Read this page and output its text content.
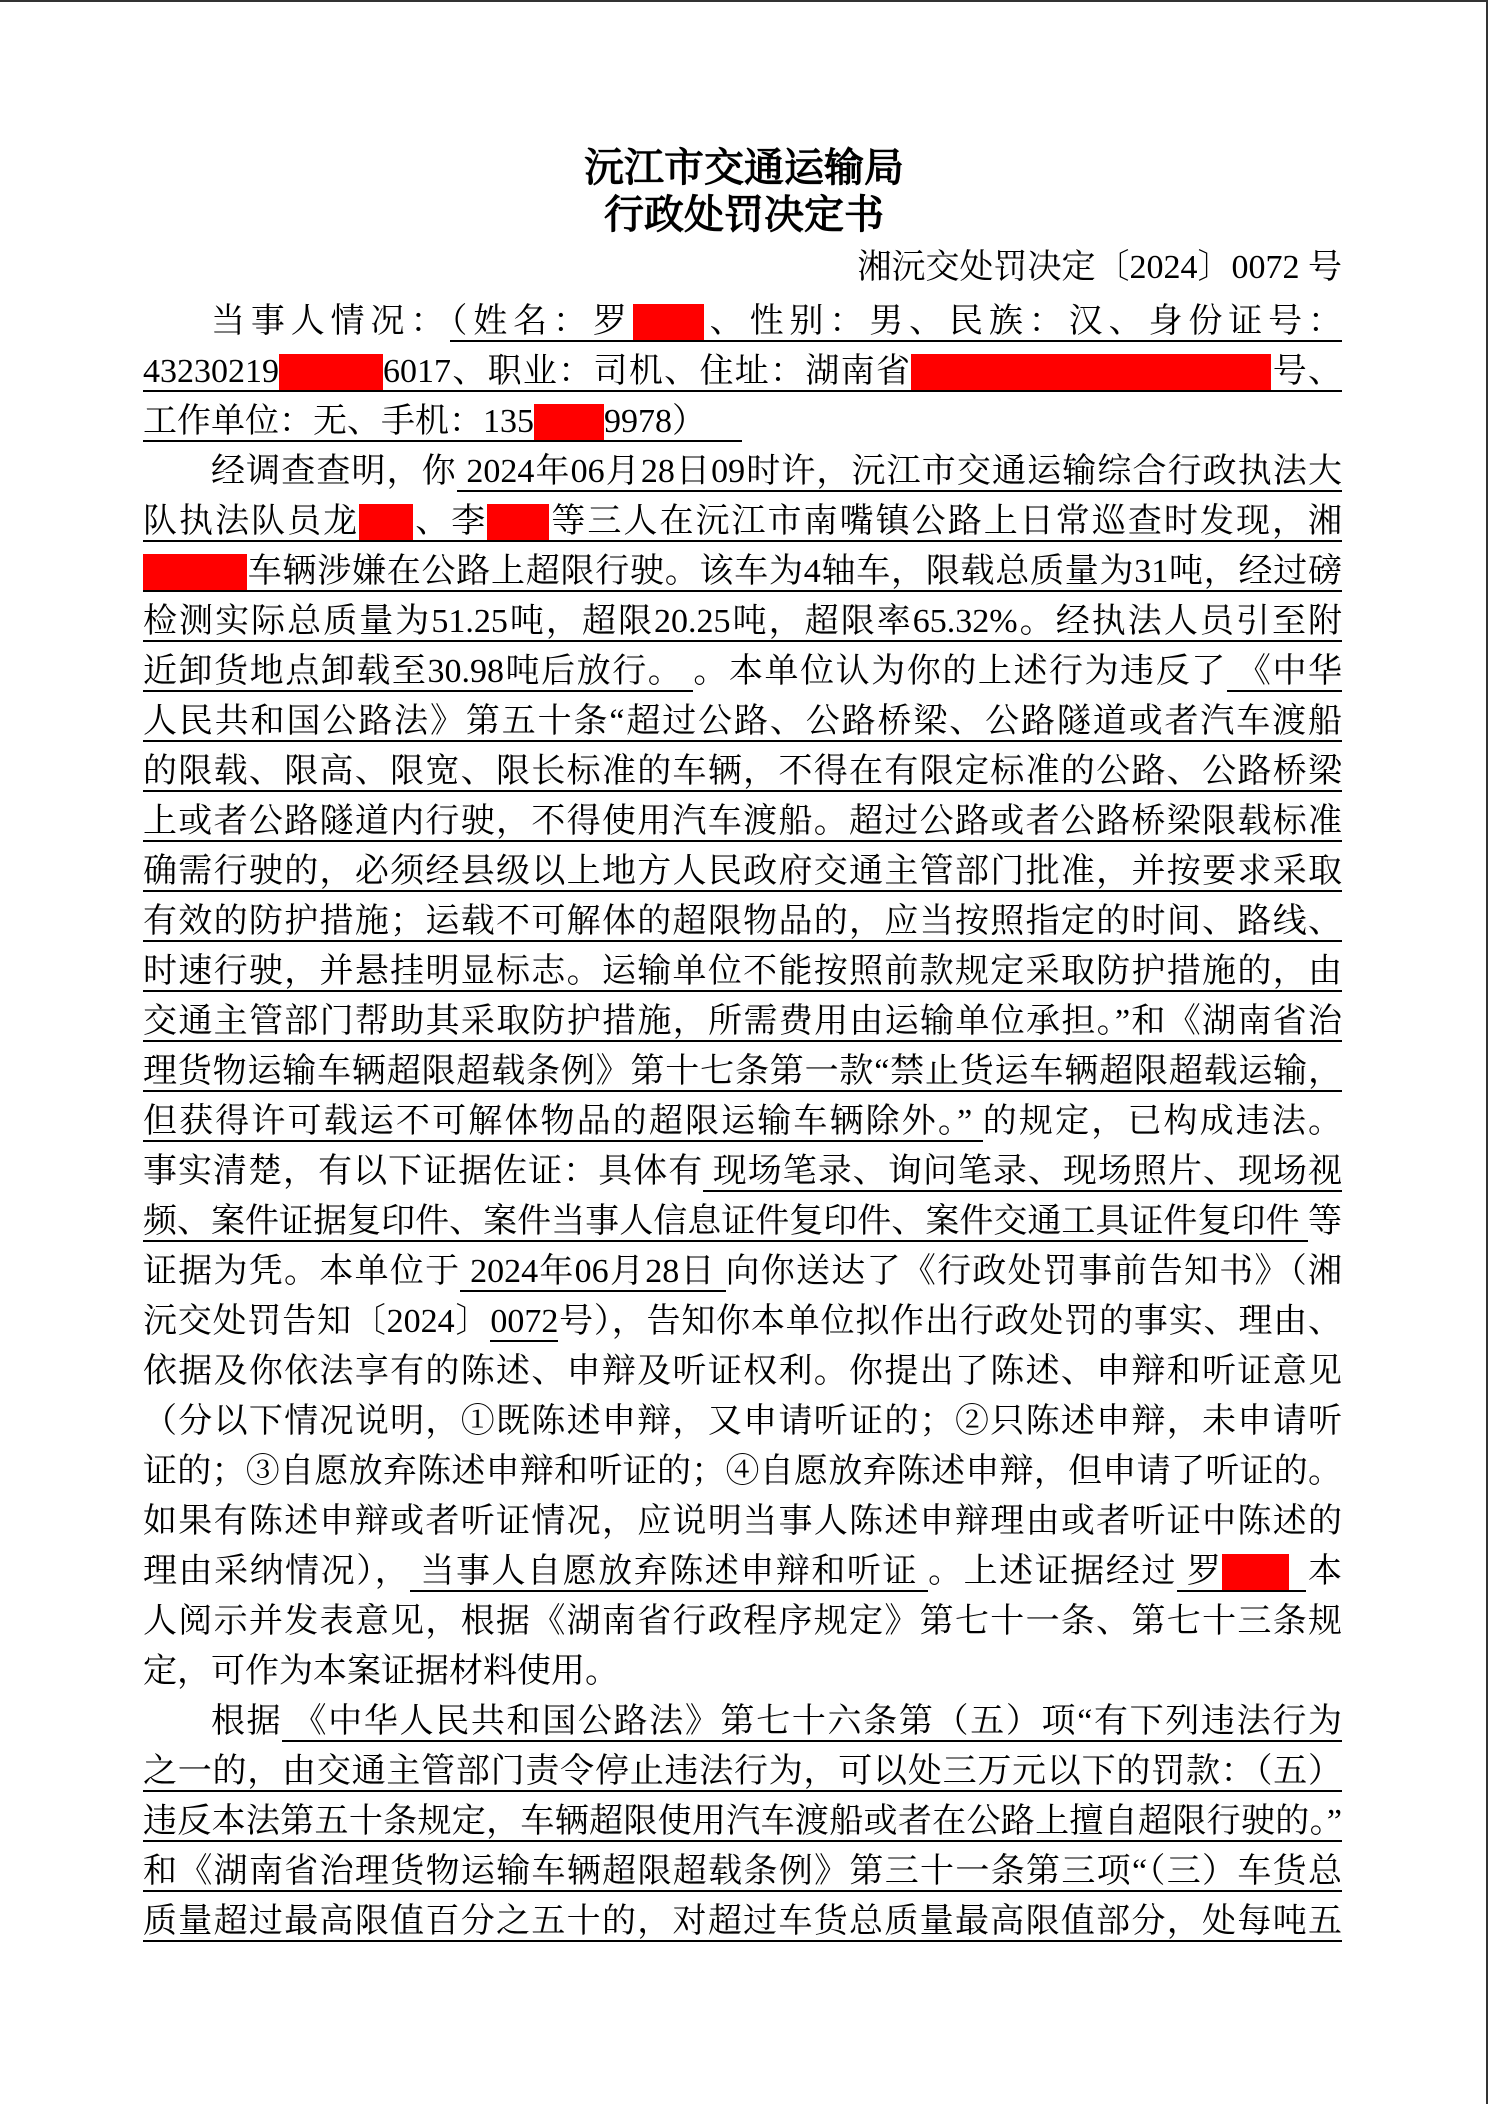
沅江市交通运输局
行政处罚决定书
湘沅交处罚决定〔2024〕0072 号
当事人情况：（姓名：罗 、性别：男、民族：汉、身份证号：
43230219	6017、职业：司机、住址：湖南省	号、
工作单位：无、手机：135 9978）
经调查查明，你 2024年06月28日09时许，沅江市交通运输综合行政执法大
队执法队员龙 、李 等三人在沅江市南嘴镇公路上日常巡查时发现，湘
车辆涉嫌在公路上超限行驶。该车为4轴车，限载总质量为31吨，经过磅
检测实际总质量为51.25吨，超限20.25吨，超限率65.32%。经执法人员引至附
近卸货地点卸载至30.98吨后放行。 。本单位认为你的上述行为违反了 《中华
人民共和国公路法》第五十条“超过公路、公路桥梁、公路隧道或者汽车渡船
的限载、限高、限宽、限长标准的车辆，不得在有限定标准的公路、公路桥梁
上或者公路隧道内行驶，不得使用汽车渡船。超过公路或者公路桥梁限载标准
确需行驶的，必须经县级以上地方人民政府交通主管部门批准，并按要求采取
有效的防护措施；运载不可解体的超限物品的，应当按照指定的时间、路线、
时速行驶，并悬挂明显标志。运输单位不能按照前款规定采取防护措施的，由
交通主管部门帮助其采取防护措施，所需费用由运输单位承担。”和《湖南省治
理货物运输车辆超限超载条例》第十七条第一款“禁止货运车辆超限超载运输，
但获得许可载运不可解体物品的超限运输车辆除外。” 的规定，已构成违法。
事实清楚，有以下证据佐证：具体有 现场笔录、询问笔录、现场照片、现场视
频、案件证据复印件、案件当事人信息证件复印件、案件交通工具证件复印件 等
证据为凭。本单位于 2024年06月28日 向你送达了《行政处罚事前告知书》（湘
沅交处罚告知〔2024〕0072号），告知你本单位拟作出行政处罚的事实、理由、
依据及你依法享有的陈述、申辩及听证权利。你提出了陈述、申辩和听证意见
（分以下情况说明，①既陈述申辩，又申请听证的；②只陈述申辩，未申请听
证的；③自愿放弃陈述申辩和听证的；④自愿放弃陈述申辩，但申请了听证的。
如果有陈述申辩或者听证情况，应说明当事人陈述申辩理由或者听证中陈述的
理由采纳情况）， 当事人自愿放弃陈述申辩和听证 。上述证据经过 罗 本
人阅示并发表意见，根据《湖南省行政程序规定》第七十一条、第七十三条规
定，可作为本案证据材料使用。
根据 《中华人民共和国公路法》第七十六条第（五）项“有下列违法行为
之一的，由交通主管部门责令停止违法行为，可以处三万元以下的罚款：（五）
违反本法第五十条规定，车辆超限使用汽车渡船或者在公路上擅自超限行驶的。”
和《湖南省治理货物运输车辆超限超载条例》第三十一条第三项“（三）车货总
质量超过最高限值百分之五十的，对超过车货总质量最高限值部分，处每吨五
